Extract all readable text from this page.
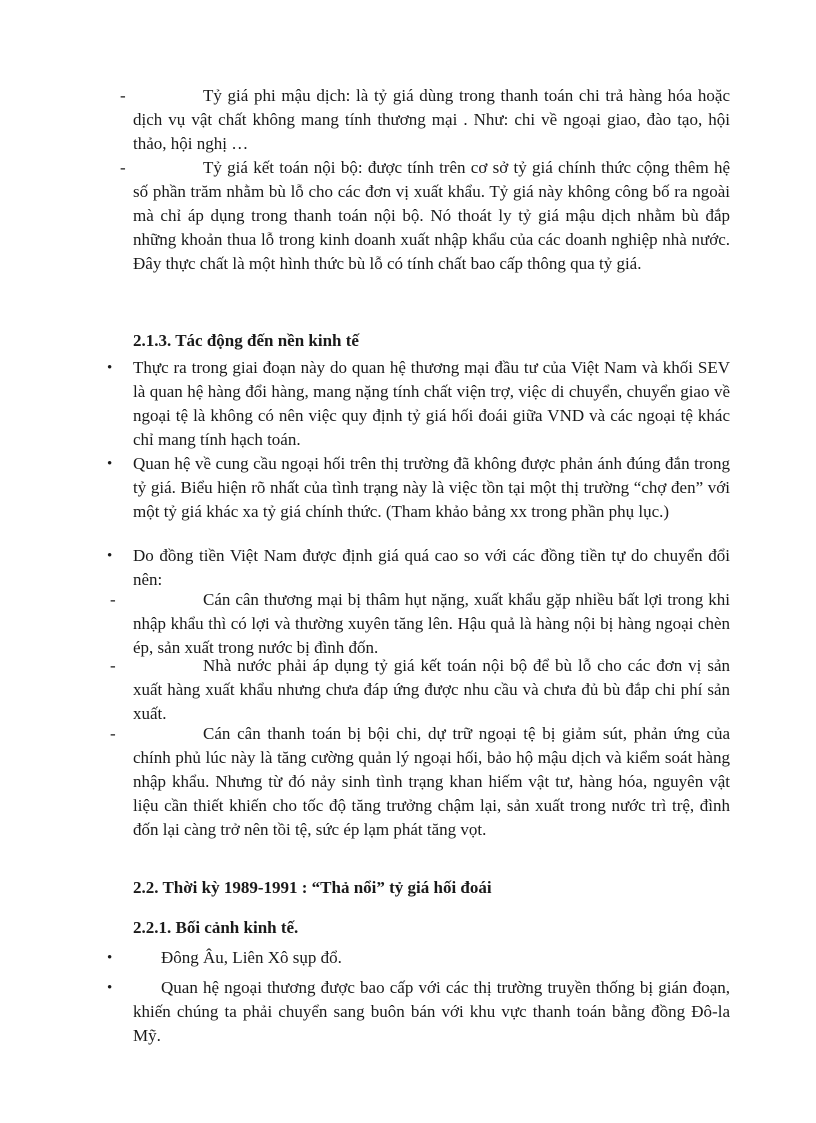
-	Tỷ giá phi mậu dịch: là tỷ giá dùng trong thanh toán chi trả hàng hóa hoặc dịch vụ vật chất không mang tính thương mại . Như: chi về ngoại giao, đào tạo, hội thảo, hội nghị …

-	Tỷ giá kết toán nội bộ: được tính trên cơ sở tỷ giá chính thức cộng thêm hệ số phần trăm nhằm bù lỗ cho các đơn vị xuất khẩu. Tỷ giá này không công bố ra ngoài mà chỉ áp dụng trong thanh toán nội bộ. Nó thoát ly tỷ giá mậu dịch nhằm bù đắp những khoản thua lỗ trong kinh doanh xuất nhập khẩu của các doanh nghiệp nhà nước. Đây thực chất là một hình thức bù lỗ có tính chất bao cấp thông qua tỷ giá.

2.1.3. Tác động đến nền kinh tế
• Thực ra trong giai đoạn này do quan hệ thương mại đầu tư của Việt Nam và khối SEV là quan hệ hàng đổi hàng, mang nặng tính chất viện trợ, việc di chuyển, chuyển giao về ngoại tệ là không có nên việc quy định tỷ giá hối đoái giữa VND và các ngoại tệ khác chỉ mang tính hạch toán.

• Quan hệ về cung cầu ngoại hối trên thị trường đã không được phản ánh đúng đắn trong tỷ giá. Biểu hiện rõ nhất của tình trạng này là việc tồn tại một thị trường “chợ đen” với một tỷ giá khác xa tỷ giá chính thức. (Tham khảo bảng xx trong phần phụ lục.)

• Do đồng tiền Việt Nam được định giá quá cao so với các đồng tiền tự do chuyển đổi nên:

-	Cán cân thương mại bị thâm hụt nặng, xuất khẩu gặp nhiều bất lợi trong khi nhập khẩu thì có lợi và thường xuyên tăng lên. Hậu quả là hàng nội bị hàng ngoại chèn ép, sản xuất trong nước bị đình đốn.

-	Nhà nước phải áp dụng tỷ giá kết toán nội bộ để bù lỗ cho các đơn vị sản xuất hàng xuất khẩu nhưng chưa đáp ứng được nhu cầu và chưa đủ bù đắp chi phí sản xuất.

-	Cán cân thanh toán bị bội chi, dự trữ ngoại tệ bị giảm sút, phản ứng của chính phủ lúc này là tăng cường quản lý ngoại hối, bảo hộ mậu dịch và kiểm soát hàng nhập khẩu. Nhưng từ đó nảy sinh tình trạng khan hiếm vật tư, hàng hóa, nguyên vật liệu cần thiết khiến cho tốc độ tăng trưởng chậm lại, sản xuất trong nước trì trệ, đình đốn lại càng trở nên tồi tệ, sức ép lạm phát tăng vọt.

2.2. Thời kỳ 1989-1991 : “Thả nổi” tỷ giá hối đoái
2.2.1. Bối cảnh kinh tế.
•	Đông Âu, Liên Xô sụp đổ.

•	Quan hệ ngoại thương được bao cấp với các thị trường truyền thống bị gián đoạn, khiến chúng ta phải chuyển sang buôn bán với khu vực thanh toán bằng đồng Đô-la Mỹ.
